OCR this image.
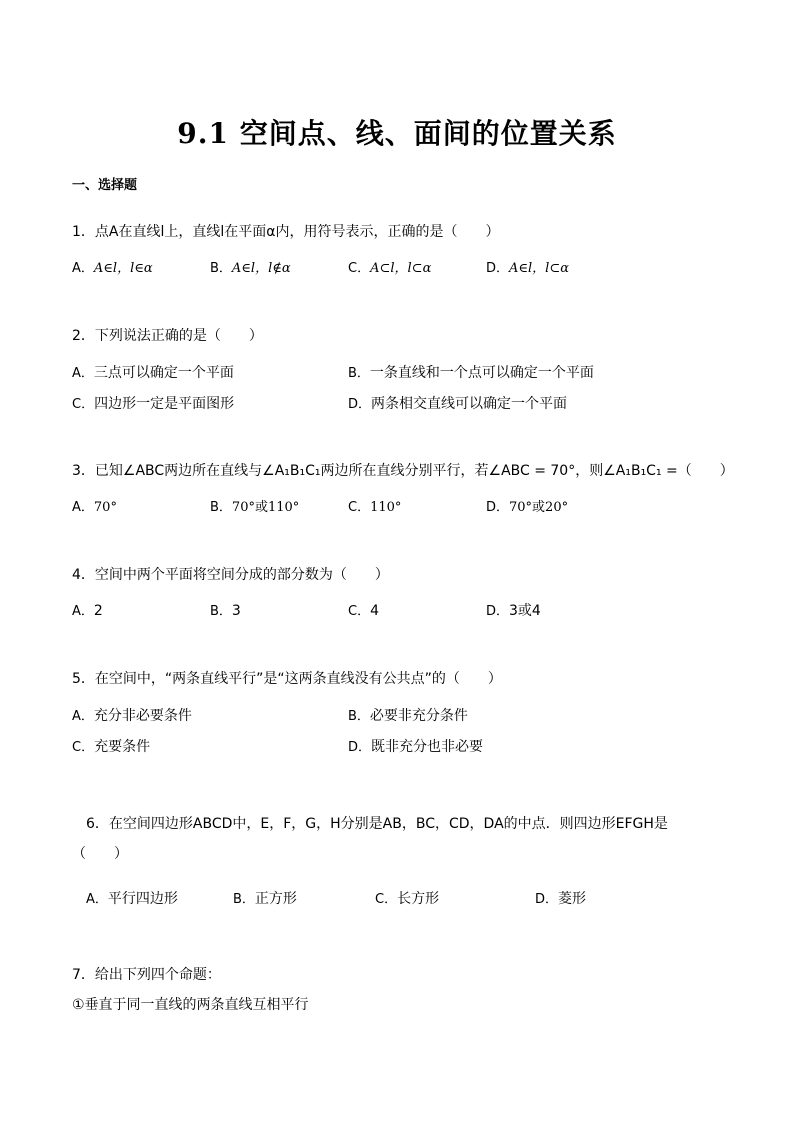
9.1 空间点、线、面间的位置关系
一、选择题
1．点A在直线l上，直线l在平面α内，用符号表示，正确的是（　　）
A．A∈l，l∈α	B．A∈l，l∉α	C．A⊂l，l⊂α	D．A∈l，l⊂α
2．下列说法正确的是（　　）
A．三点可以确定一个平面	B．一条直线和一个点可以确定一个平面
C．四边形一定是平面图形	D．两条相交直线可以确定一个平面
3．已知∠ABC两边所在直线与∠A₁B₁C₁两边所在直线分别平行，若∠ABC = 70°，则∠A₁B₁C₁ =（　　）
A．70°	B．70°或110°	C．110°	D．70°或20°
4．空间中两个平面将空间分成的部分数为（　　）
A．2	B．3	C．4	D．3或4
5．在空间中，“两条直线平行”是“这两条直线没有公共点”的（　　）
A．充分非必要条件	B．必要非充分条件
C．充要条件	D．既非充分也非必要
6．在空间四边形ABCD中，E，F，G，H分别是AB，BC，CD，DA的中点．则四边形EFGH是
（　　）
A．平行四边形	B．正方形	C．长方形	D．菱形
7．给出下列四个命题：
①垂直于同一直线的两条直线互相平行
